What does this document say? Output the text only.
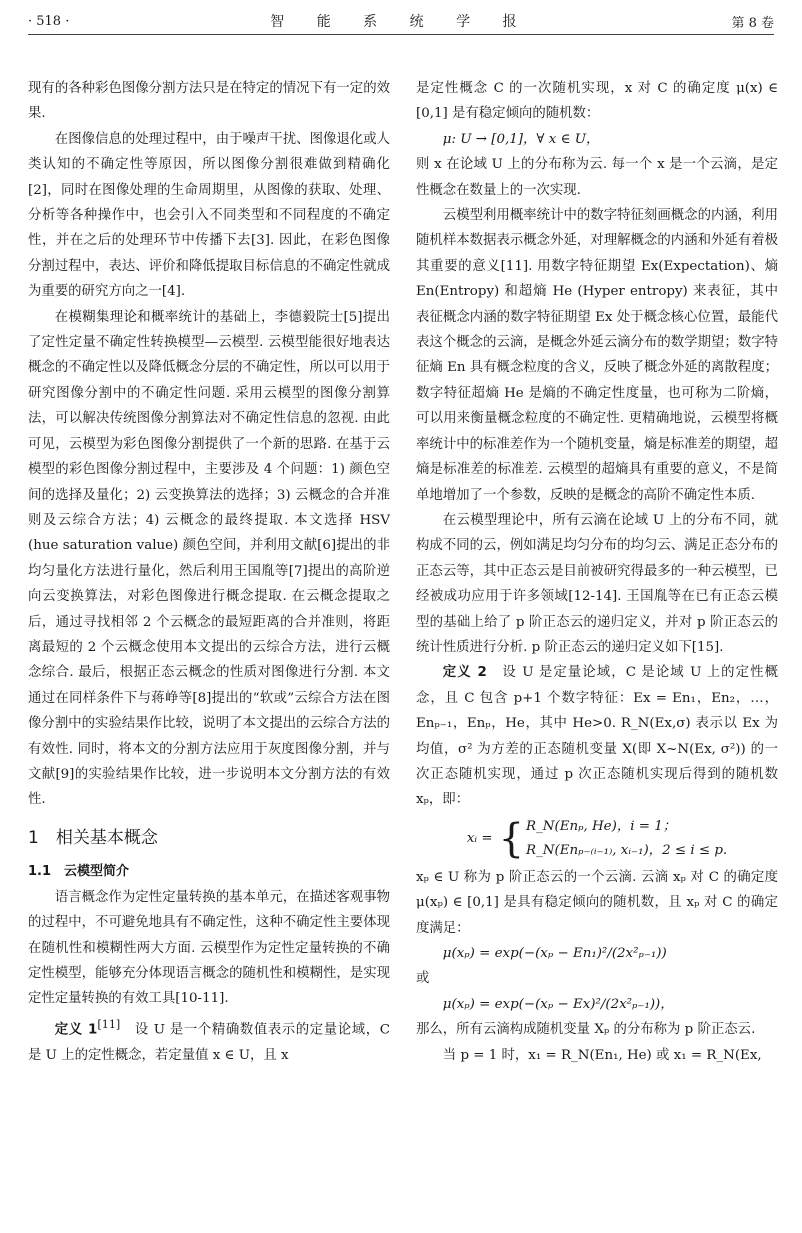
· 518 ·	智 能 系 统 学 报	第 8 卷

现有的各种彩色图像分割方法只是在特定的情况下有一定的效果.

在图像信息的处理过程中，由于噪声干扰、图像退化或人类认知的不确定性等原因，所以图像分割很难做到精确化[2]，同时在图像处理的生命周期里，从图像的获取、处理、分析等各种操作中，也会引入不同类型和不同程度的不确定性，并在之后的处理环节中传播下去[3]. 因此，在彩色图像分割过程中，表达、评价和降低提取目标信息的不确定性就成为重要的研究方向之一[4].

在模糊集理论和概率统计的基础上，李德毅院士[5]提出了定性定量不确定性转换模型—云模型. 云模型能很好地表达概念的不确定性以及降低概念分层的不确定性，所以可以用于研究图像分割中的不确定性问题. 采用云模型的图像分割算法，可以解决传统图像分割算法对不确定性信息的忽视. 由此可见，云模型为彩色图像分割提供了一个新的思路. 在基于云模型的彩色图像分割过程中，主要涉及 4 个问题：1) 颜色空间的选择及量化；2) 云变换算法的选择；3) 云概念的合并准则及云综合方法；4) 云概念的最终提取. 本文选择 HSV (hue saturation value) 颜色空间，并利用文献[6]提出的非均匀量化方法进行量化，然后利用王国胤等[7]提出的高阶逆向云变换算法，对彩色图像进行概念提取. 在云概念提取之后，通过寻找相邻 2 个云概念的最短距离的合并准则，将距离最短的 2 个云概念使用本文提出的云综合方法，进行云概念综合. 最后，根据正态云概念的性质对图像进行分割. 本文通过在同样条件下与蒋峥等[8]提出的“软或”云综合方法在图像分割中的实验结果作比较，说明了本文提出的云综合方法的有效性. 同时，将本文的分割方法应用于灰度图像分割，并与文献[9]的实验结果作比较，进一步说明本文分割方法的有效性.

1　相关基本概念
1.1　云模型简介

语言概念作为定性定量转换的基本单元，在描述客观事物的过程中，不可避免地具有不确定性，这种不确定性主要体现在随机性和模糊性两大方面. 云模型作为定性定量转换的不确定性模型，能够充分体现语言概念的随机性和模糊性，是实现定性定量转换的有效工具[10-11].

定义 1[11]　设 U 是一个精确数值表示的定量论域，C 是 U 上的定性概念，若定量值 x ∈ U，且 x

是定性概念 C 的一次随机实现，x 对 C 的确定度 μ(x) ∈ [0,1] 是有稳定倾向的随机数：

μ: U → [0,1]，∀ x ∈ U，

则 x 在论域 U 上的分布称为云. 每一个 x 是一个云滴，是定性概念在数量上的一次实现.

云模型利用概率统计中的数字特征刻画概念的内涵，利用随机样本数据表示概念外延，对理解概念的内涵和外延有着极其重要的意义[11]. 用数字特征期望 Ex(Expectation)、熵 En(Entropy) 和超熵 He (Hyper entropy) 来表征，其中表征概念内涵的数字特征期望 Ex 处于概念核心位置，最能代表这个概念的云滴，是概念外延云滴分布的数学期望；数字特征熵 En 具有概念粒度的含义，反映了概念外延的离散程度；数字特征超熵 He 是熵的不确定性度量，也可称为二阶熵，可以用来衡量概念粒度的不确定性. 更精确地说，云模型将概率统计中的标准差作为一个随机变量，熵是标准差的期望，超熵是标准差的标准差. 云模型的超熵具有重要的意义，不是简单地增加了一个参数，反映的是概念的高阶不确定性本质.

在云模型理论中，所有云滴在论域 U 上的分布不同，就构成不同的云，例如满足均匀分布的均匀云、满足正态分布的正态云等，其中正态云是目前被研究得最多的一种云模型，已经被成功应用于许多领域[12-14]. 王国胤等在已有正态云模型的基础上给了 p 阶正态云的递归定义，并对 p 阶正态云的统计性质进行分析. p 阶正态云的递归定义如下[15].

定义 2　设 U 是定量论域，C 是论域 U 上的定性概念，且 C 包含 p+1 个数字特征：Ex = En₁，En₂，…，Enₚ₋₁，Enₚ，He，其中 He>0. R_N(Ex,σ) 表示以 Ex 为均值，σ² 为方差的正态随机变量 X(即 X~N(Ex, σ²)) 的一次正态随机实现，通过 p 次正态随机实现后得到的随机数 xₚ，即：

xᵢ = { R_N(Enₚ, He)，i = 1；
R_N(Enₚ₋₍ᵢ₋₁₎, xᵢ₋₁)，2 ≤ i ≤ p.

xₚ ∈ U 称为 p 阶正态云的一个云滴. 云滴 xₚ 对 C 的确定度 μ(xₚ) ∈ [0,1] 是具有稳定倾向的随机数，且 xₚ 对 C 的确定度满足：

μ(xₚ) = exp(−(xₚ − En₁)²/(2x²ₚ₋₁))

或

μ(xₚ) = exp(−(xₚ − Ex)²/(2x²ₚ₋₁))，

那么，所有云滴构成随机变量 Xₚ 的分布称为 p 阶正态云.

当 p = 1 时，x₁ = R_N(En₁, He) 或 x₁ = R_N(Ex,
